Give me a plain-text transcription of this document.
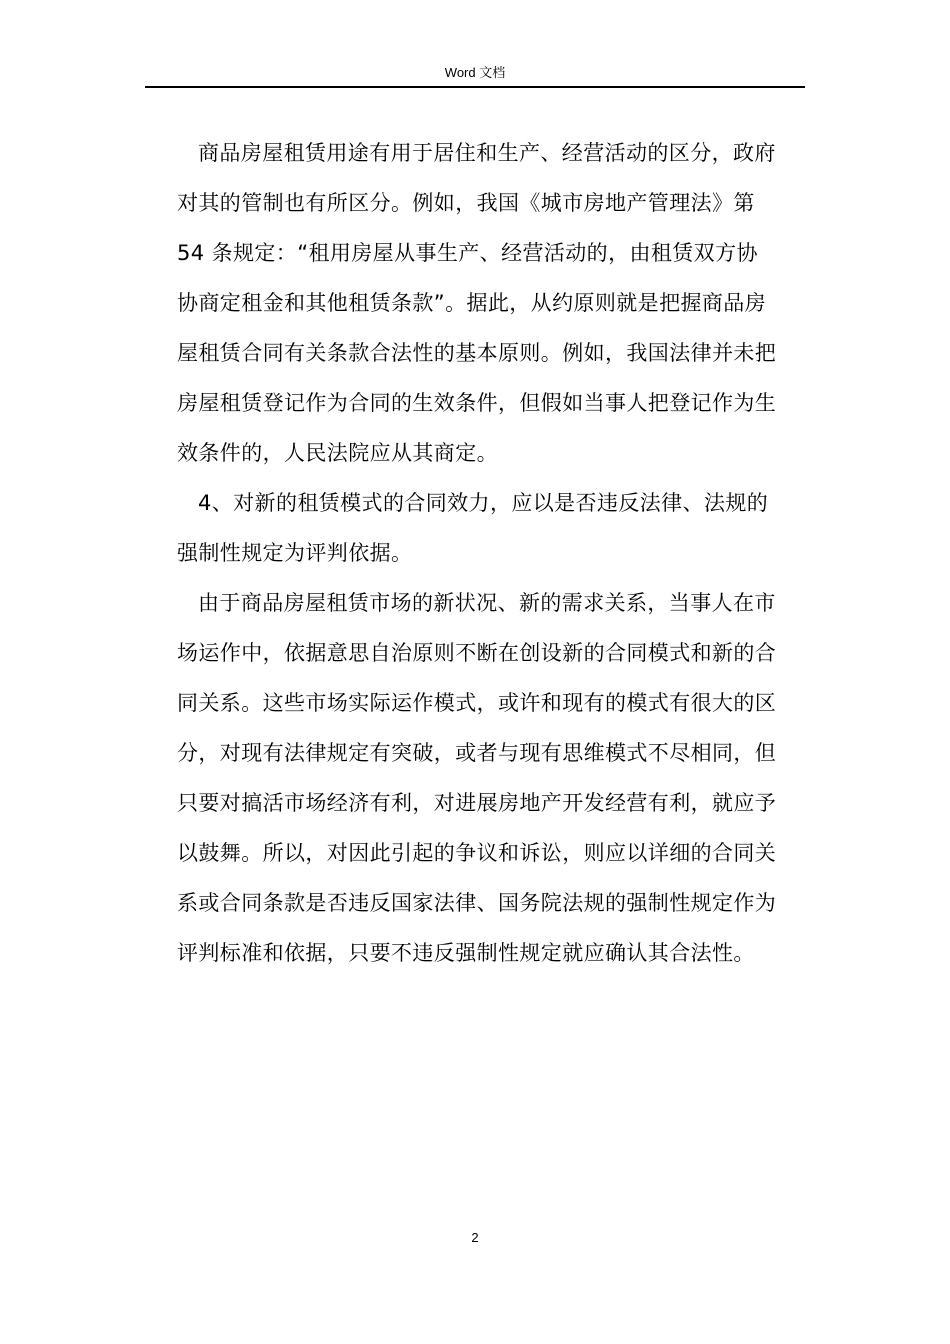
Word 文档
商品房屋租赁用途有用于居住和生产、经营活动的区分，政府
对其的管制也有所区分。例如，我国《城市房地产管理法》第
54 条规定：“租用房屋从事生产、经营活动的，由租赁双方协
协商定租金和其他租赁条款”。据此，从约原则就是把握商品房
屋租赁合同有关条款合法性的基本原则。例如，我国法律并未把
房屋租赁登记作为合同的生效条件，但假如当事人把登记作为生
效条件的，人民法院应从其商定。
4、对新的租赁模式的合同效力，应以是否违反法律、法规的
强制性规定为评判依据。
由于商品房屋租赁市场的新状况、新的需求关系，当事人在市
场运作中，依据意思自治原则不断在创设新的合同模式和新的合
同关系。这些市场实际运作模式，或许和现有的模式有很大的区
分，对现有法律规定有突破，或者与现有思维模式不尽相同，但
只要对搞活市场经济有利，对进展房地产开发经营有利，就应予
以鼓舞。所以，对因此引起的争议和诉讼，则应以详细的合同关
系或合同条款是否违反国家法律、国务院法规的强制性规定作为
评判标准和依据，只要不违反强制性规定就应确认其合法性。
2
